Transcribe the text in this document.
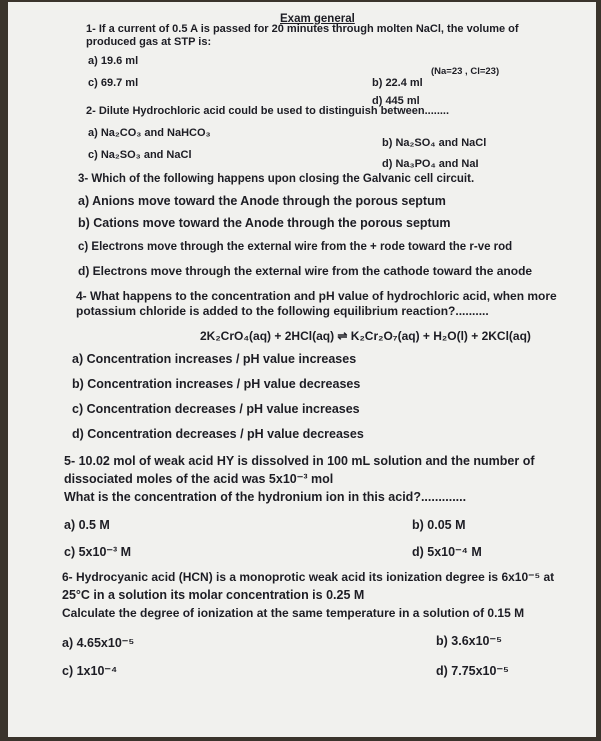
Exam general
1- If a current of 0.5 A is passed for 20 minutes through molten NaCl, the volume of
produced gas at STP is:
(Na=23 , Cl=23)
a) 19.6 ml
b) 22.4 ml
c) 69.7 ml
d) 445 ml
2- Dilute Hydrochloric acid could be used to distinguish between........
a) Na₂CO₃ and NaHCO₃
b) Na₂SO₄ and NaCl
c) Na₂SO₃ and NaCl
d) Na₃PO₄ and NaI
3- Which of the following happens upon closing the Galvanic cell circuit.
a) Anions move toward the Anode through the porous septum
b) Cations move toward the Anode through the porous septum
c) Electrons move through the external wire from the + rode toward the r-ve rod
d) Electrons move through the external wire from the cathode toward the anode
4- What happens to the concentration and pH value of hydrochloric acid, when more
potassium chloride is added to the following equilibrium reaction?..........
2K₂CrO₄(aq) + 2HCl(aq) ⇌ K₂Cr₂O₇(aq) + H₂O(l) + 2KCl(aq)
a) Concentration increases / pH value increases
b) Concentration increases / pH value decreases
c) Concentration decreases / pH value increases
d) Concentration decreases / pH value decreases
5- 10.02 mol of weak acid HY is dissolved in 100 mL solution and the number of
dissociated moles of the acid was 5x10⁻³ mol
What is the concentration of the hydronium ion in this acid?.............
a) 0.5 M	b) 0.05 M
c) 5x10⁻³ M	d) 5x10⁻⁴ M
6- Hydrocyanic acid (HCN) is a monoprotic weak acid its ionization degree is 6x10⁻⁵ at
25°C in a solution its molar concentration is 0.25 M
Calculate the degree of ionization at the same temperature in a solution of 0.15 M
a) 4.65x10⁻⁵	b) 3.6x10⁻⁵
c) 1x10⁻⁴	d) 7.75x10⁻⁵
